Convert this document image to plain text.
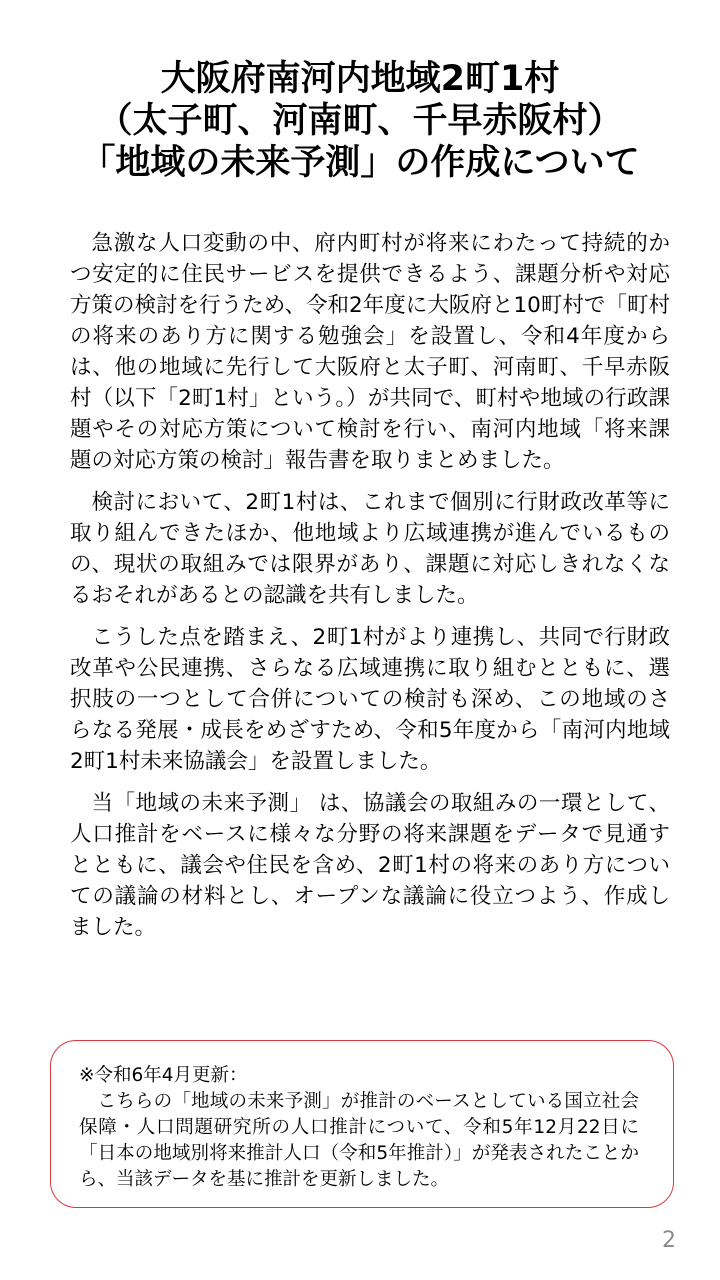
大阪府南河内地域2町1村
（太子町、河南町、千早赤阪村）
「地域の未来予測」の作成について

急激な人口変動の中、府内町村が将来にわたって持続的かつ安定的に住民サービスを提供できるよう、課題分析や対応方策の検討を行うため、令和2年度に大阪府と10町村で「町村の将来のあり方に関する勉強会」を設置し、令和4年度からは、他の地域に先行して大阪府と太子町、河南町、千早赤阪村（以下「2町1村」という。）が共同で、町村や地域の行政課題やその対応方策について検討を行い、南河内地域「将来課題の対応方策の検討」報告書を取りまとめました。

検討において、2町1村は、これまで個別に行財政改革等に取り組んできたほか、他地域より広域連携が進んでいるものの、現状の取組みでは限界があり、課題に対応しきれなくなるおそれがあるとの認識を共有しました。

こうした点を踏まえ、2町1村がより連携し、共同で行財政改革や公民連携、さらなる広域連携に取り組むとともに、選択肢の一つとして合併についての検討も深め、この地域のさらなる発展・成長をめざすため、令和5年度から「南河内地域2町1村未来協議会」を設置しました。

当「地域の未来予測」 は、協議会の取組みの一環として、人口推計をベースに様々な分野の将来課題をデータで見通すとともに、議会や住民を含め、2町1村の将来のあり方についての議論の材料とし、オープンな議論に役立つよう、作成しました。

※令和6年4月更新：
こちらの「地域の未来予測」が推計のベースとしている国立社会保障・人口問題研究所の人口推計について、令和5年12月22日に「日本の地域別将来推計人口（令和5年推計）」が発表されたことから、当該データを基に推計を更新しました。
2
